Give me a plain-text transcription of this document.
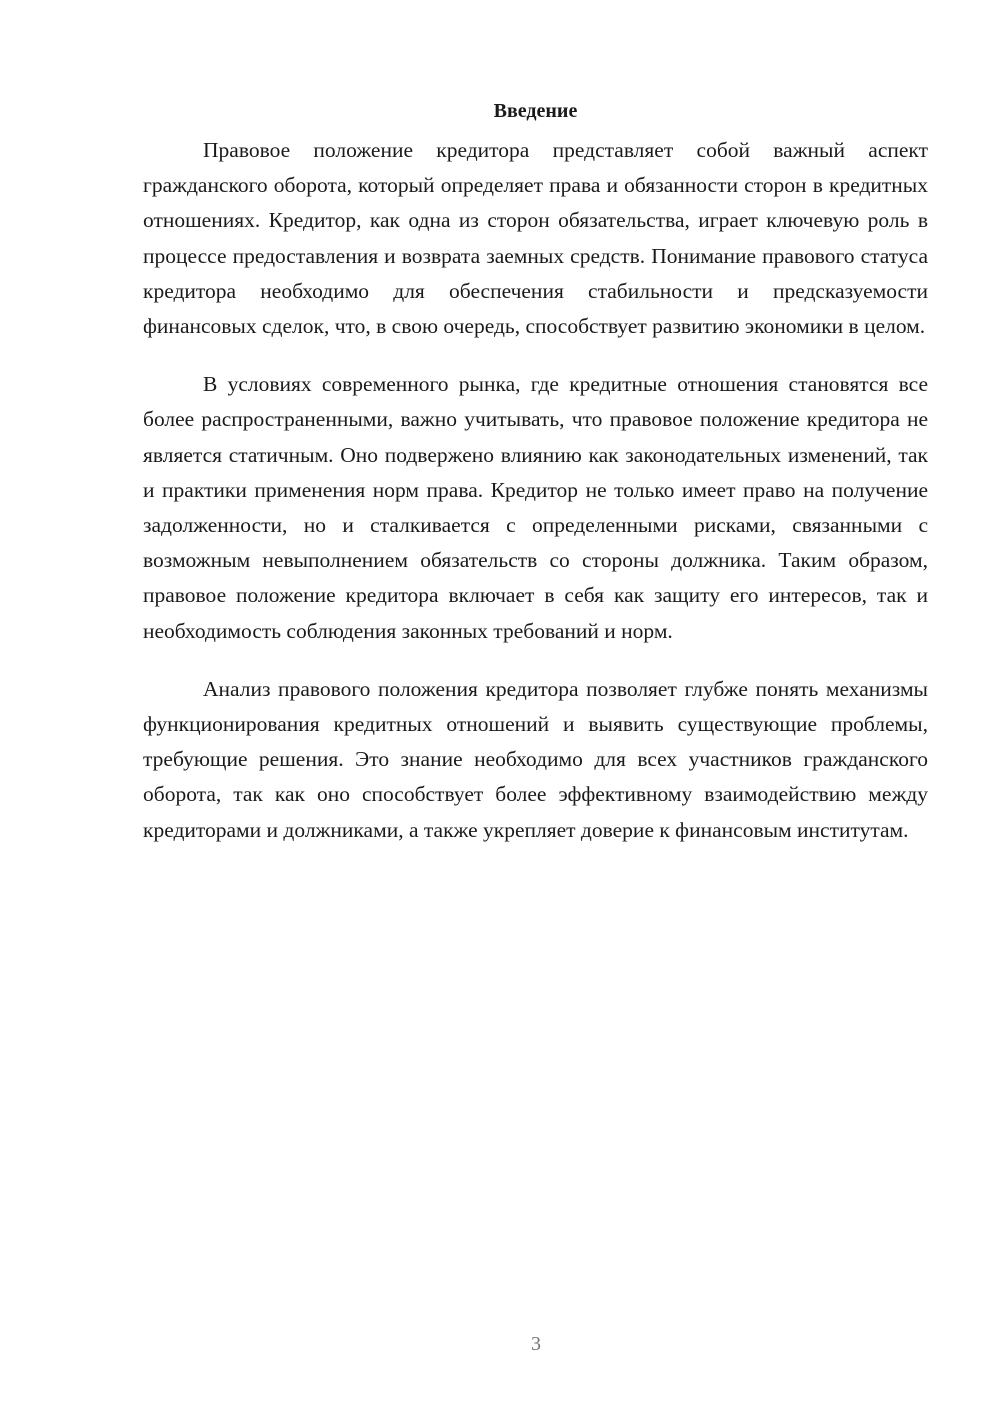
Введение

Правовое положение кредитора представляет собой важный аспект гражданского оборота, который определяет права и обязанности сторон в кредитных отношениях. Кредитор, как одна из сторон обязательства, играет ключевую роль в процессе предоставления и возврата заемных средств. Понимание правового статуса кредитора необходимо для обеспечения стабильности и предсказуемости финансовых сделок, что, в свою очередь, способствует развитию экономики в целом.

В условиях современного рынка, где кредитные отношения становятся все более распространенными, важно учитывать, что правовое положение кредитора не является статичным. Оно подвержено влиянию как законодательных изменений, так и практики применения норм права. Кредитор не только имеет право на получение задолженности, но и сталкивается с определенными рисками, связанными с возможным невыполнением обязательств со стороны должника. Таким образом, правовое положение кредитора включает в себя как защиту его интересов, так и необходимость соблюдения законных требований и норм.

Анализ правового положения кредитора позволяет глубже понять механизмы функционирования кредитных отношений и выявить существующие проблемы, требующие решения. Это знание необходимо для всех участников гражданского оборота, так как оно способствует более эффективному взаимодействию между кредиторами и должниками, а также укрепляет доверие к финансовым институтам.

3
